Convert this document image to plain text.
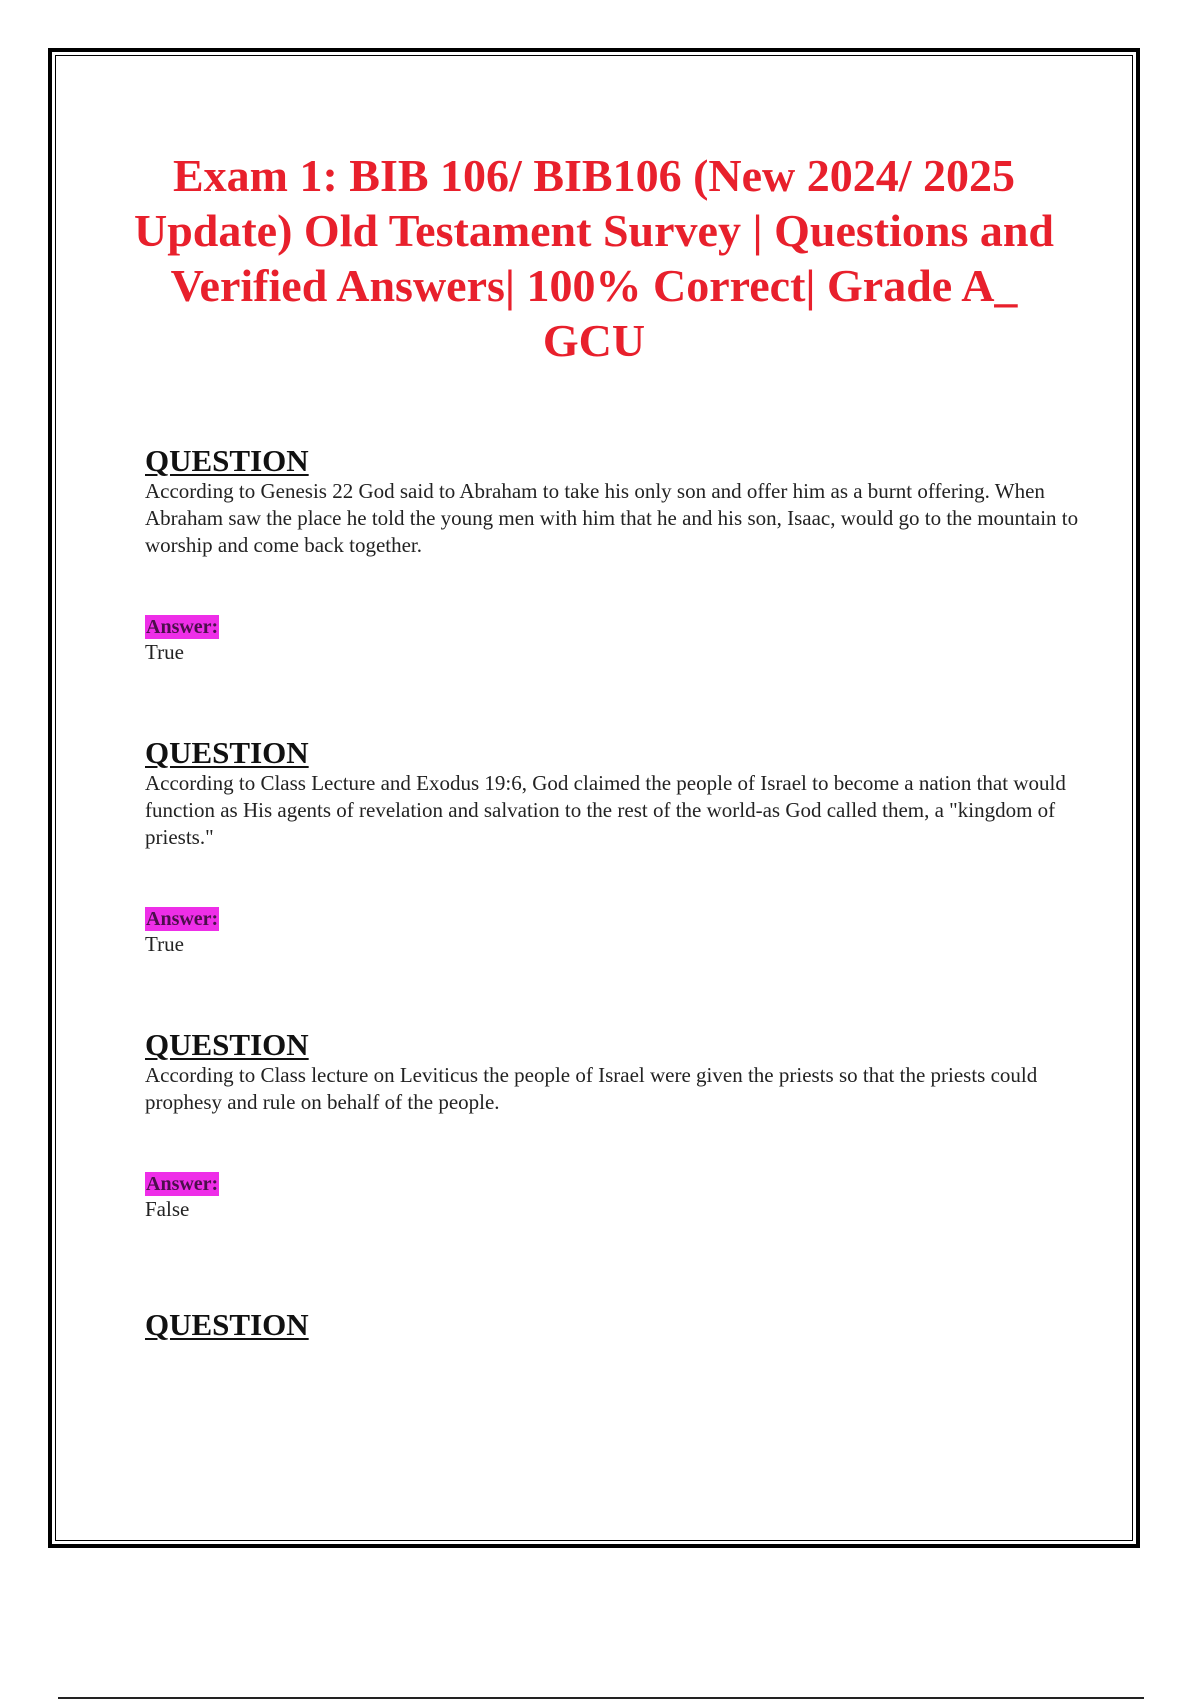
Exam 1: BIB 106/ BIB106 (New 2024/ 2025 Update) Old Testament Survey | Questions and Verified Answers| 100% Correct| Grade A_ GCU

QUESTION

According to Genesis 22 God said to Abraham to take his only son and offer him as a burnt offering. When Abraham saw the place he told the young men with him that he and his son, Isaac, would go to the mountain to worship and come back together.

Answer:

True

QUESTION

According to Class Lecture and Exodus 19:6, God claimed the people of Israel to become a nation that would function as His agents of revelation and salvation to the rest of the world-as God called them, a "kingdom of priests."

Answer:

True

QUESTION

According to Class lecture on Leviticus the people of Israel were given the priests so that the priests could prophesy and rule on behalf of the people.

Answer:

False

QUESTION
